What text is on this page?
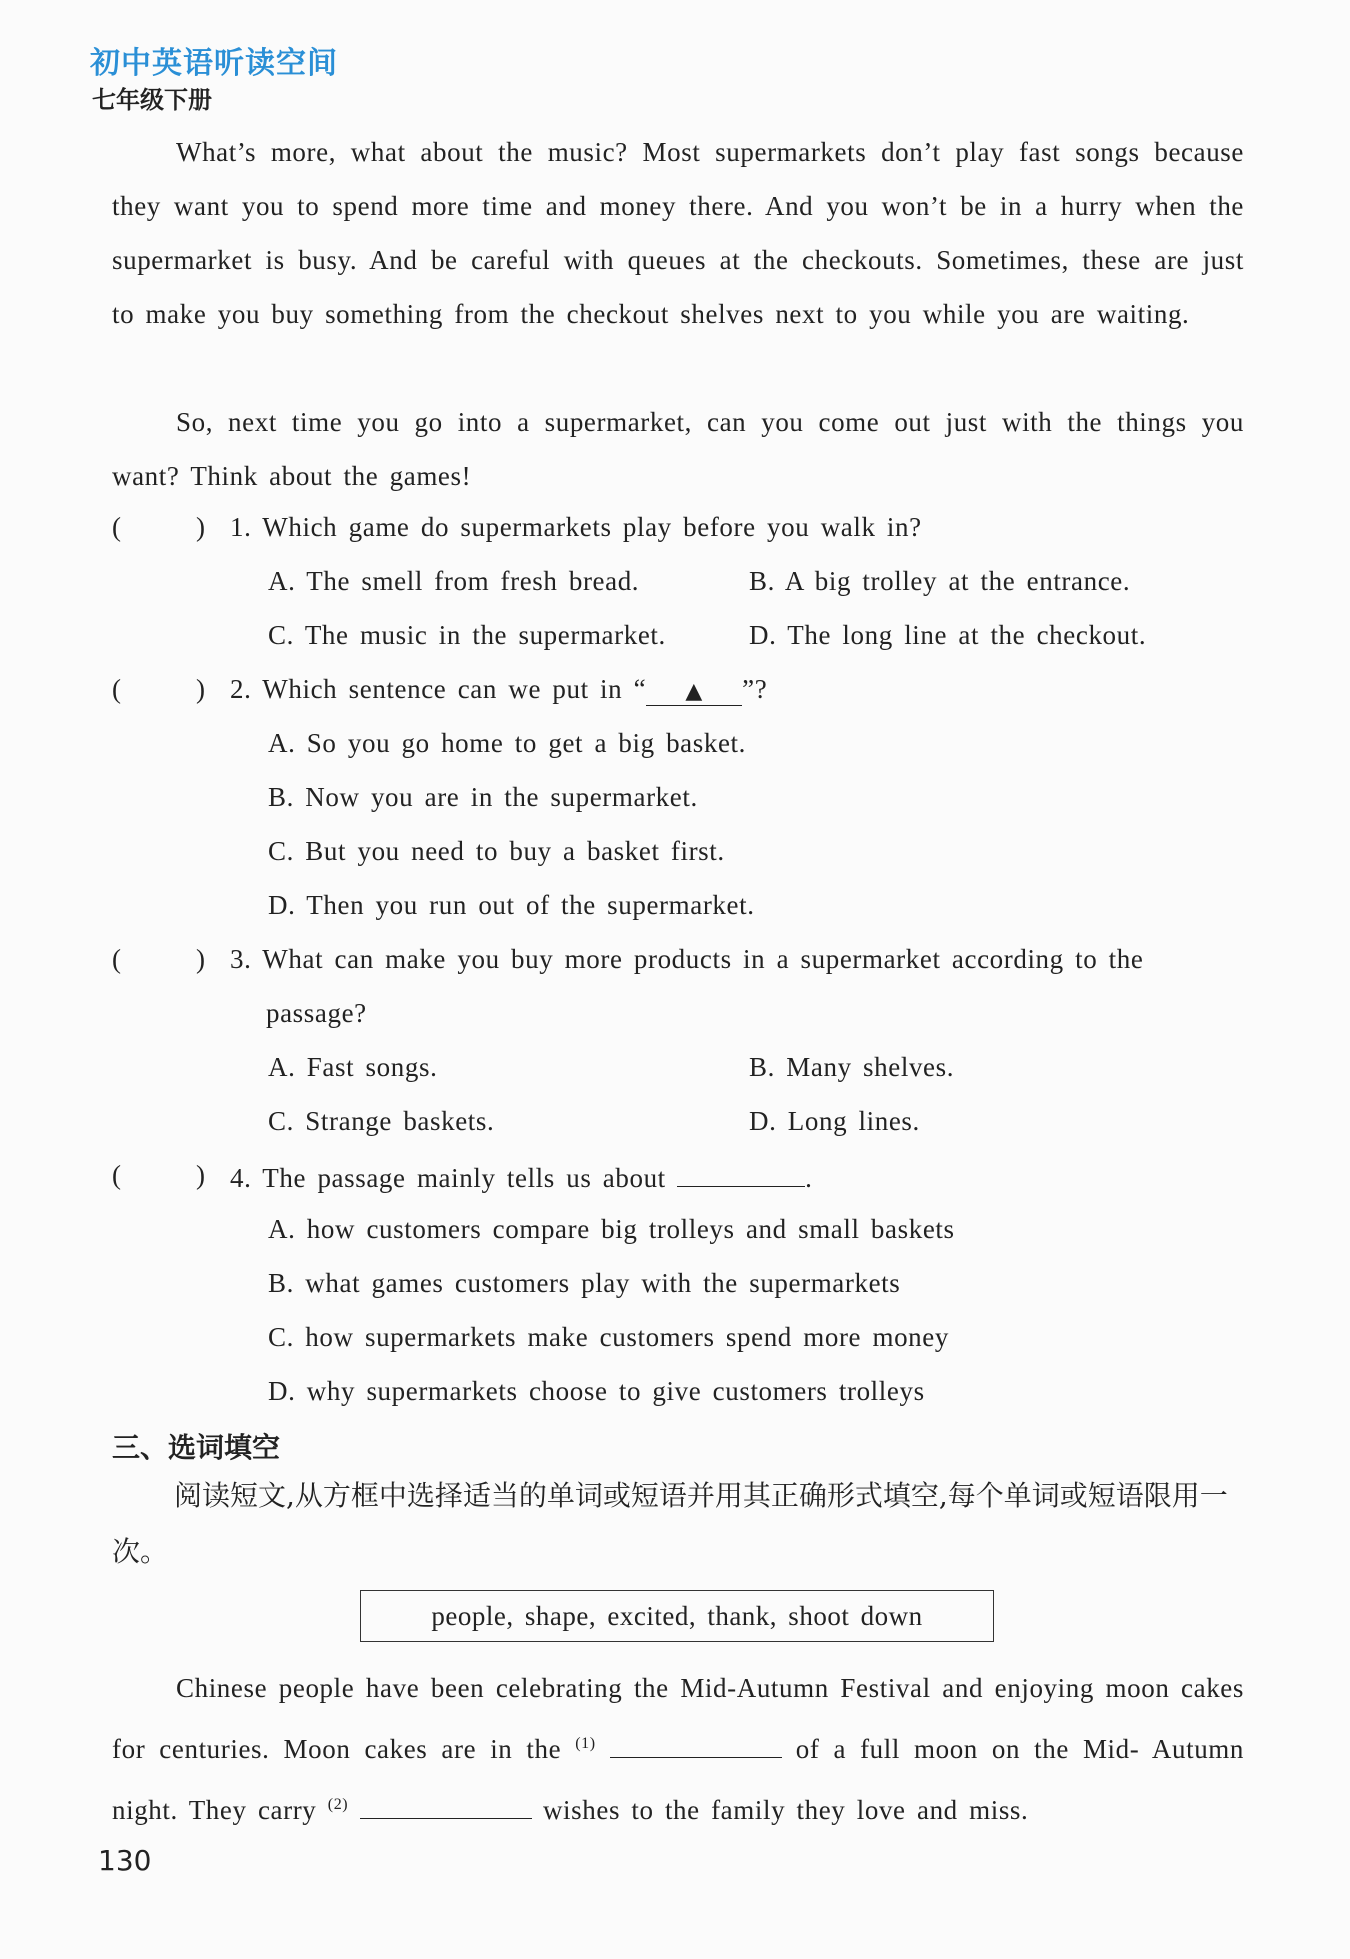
初中英语听读空间
七年级下册
What’s more, what about the music? Most supermarkets don’t play fast songs because they want you to spend more time and money there. And you won’t be in a hurry when the supermarket is busy. And be careful with queues at the checkouts. Sometimes, these are just to make you buy something from the checkout shelves next to you while you are waiting.
So, next time you go into a supermarket, can you come out just with the things you want? Think about the games!
(	) 1. Which game do supermarkets play before you walk in?
A. The smell from fresh bread.	B. A big trolley at the entrance.
C. The music in the supermarket.	D. The long line at the checkout.
(	) 2. Which sentence can we put in “ ▲ ”?
A. So you go home to get a big basket.
B. Now you are in the supermarket.
C. But you need to buy a basket first.
D. Then you run out of the supermarket.
(	) 3. What can make you buy more products in a supermarket according to the
passage?
A. Fast songs.	B. Many shelves.
C. Strange baskets.	D. Long lines.
(	) 4. The passage mainly tells us about	.
A. how customers compare big trolleys and small baskets
B. what games customers play with the supermarkets
C. how supermarkets make customers spend more money
D. why supermarkets choose to give customers trolleys
三、选词填空
阅读短文,从方框中选择适当的单词或短语并用其正确形式填空,每个单词或短语限用一次。
people, shape, excited, thank, shoot down
Chinese people have been celebrating the Mid-Autumn Festival and enjoying moon cakes for centuries. Moon cakes are in the $^{(1)}$	of a full moon on the Mid- Autumn night. They carry $^{(2)}$	wishes to the family they love and miss.
130
